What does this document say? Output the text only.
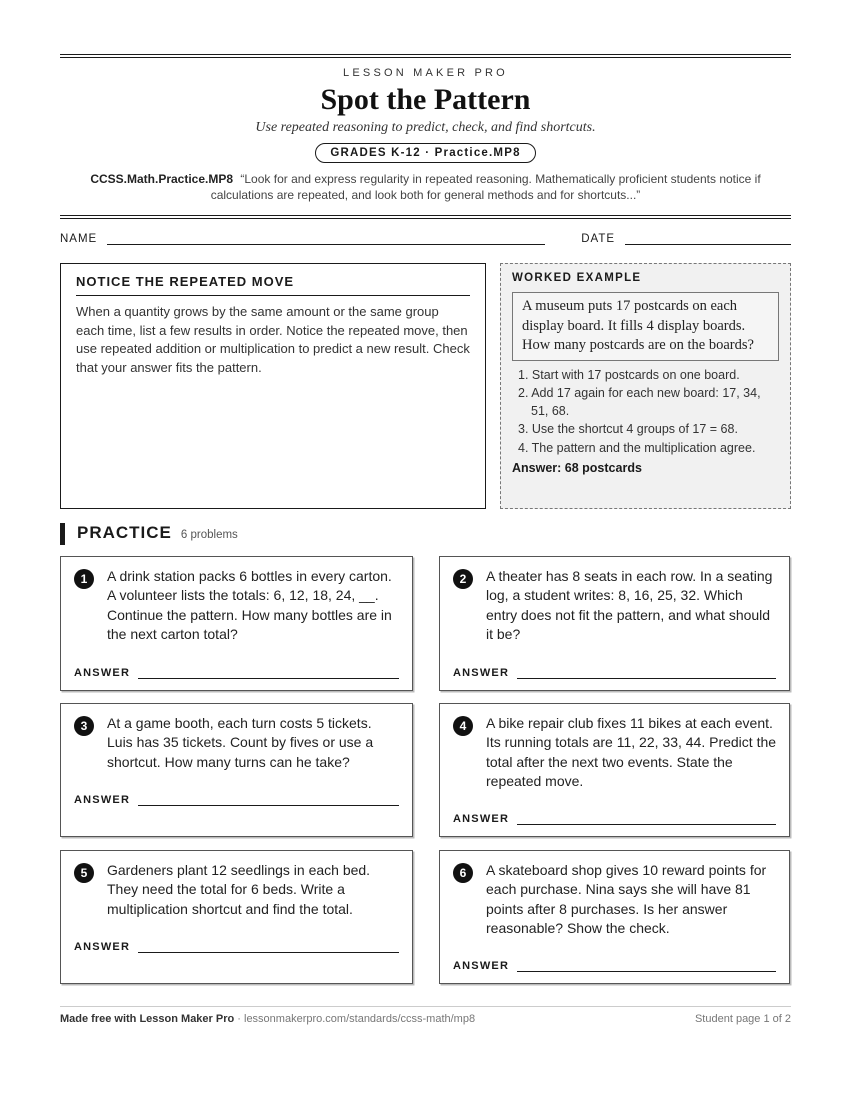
LESSON MAKER PRO
Spot the Pattern
Use repeated reasoning to predict, check, and find shortcuts.
GRADES K-12 · Practice.MP8
CCSS.Math.Practice.MP8 “Look for and express regularity in repeated reasoning. Mathematically proficient students notice if calculations are repeated, and look both for general methods and for shortcuts...”
NAME	DATE
NOTICE THE REPEATED MOVE

When a quantity grows by the same amount or the same group each time, list a few results in order. Notice the repeated move, then use repeated addition or multiplication to predict a new result. Check that your answer fits the pattern.

WORKED EXAMPLE
A museum puts 17 postcards on each display board. It fills 4 display boards. How many postcards are on the boards?
1. Start with 17 postcards on one board.
2. Add 17 again for each new board: 17, 34, 51, 68.
3. Use the shortcut 4 groups of 17 = 68.
4. The pattern and the multiplication agree.
Answer: 68 postcards
PRACTICE 6 problems
1	A drink station packs 6 bottles in every carton. A volunteer lists the totals: 6, 12, 18, 24, __. Continue the pattern. How many bottles are in the next carton total?
ANSWER
2	A theater has 8 seats in each row. In a seating log, a student writes: 8, 16, 25, 32. Which entry does not fit the pattern, and what should it be?
ANSWER
3	At a game booth, each turn costs 5 tickets. Luis has 35 tickets. Count by fives or use a shortcut. How many turns can he take?
ANSWER
4	A bike repair club fixes 11 bikes at each event. Its running totals are 11, 22, 33, 44. Predict the total after the next two events. State the repeated move.
ANSWER
5	Gardeners plant 12 seedlings in each bed. They need the total for 6 beds. Write a multiplication shortcut and find the total.
ANSWER
6	A skateboard shop gives 10 reward points for each purchase. Nina says she will have 81 points after 8 purchases. Is her answer reasonable? Show the check.
ANSWER
Made free with Lesson Maker Pro · lessonmakerpro.com/standards/ccss-math/mp8	Student page 1 of 2
